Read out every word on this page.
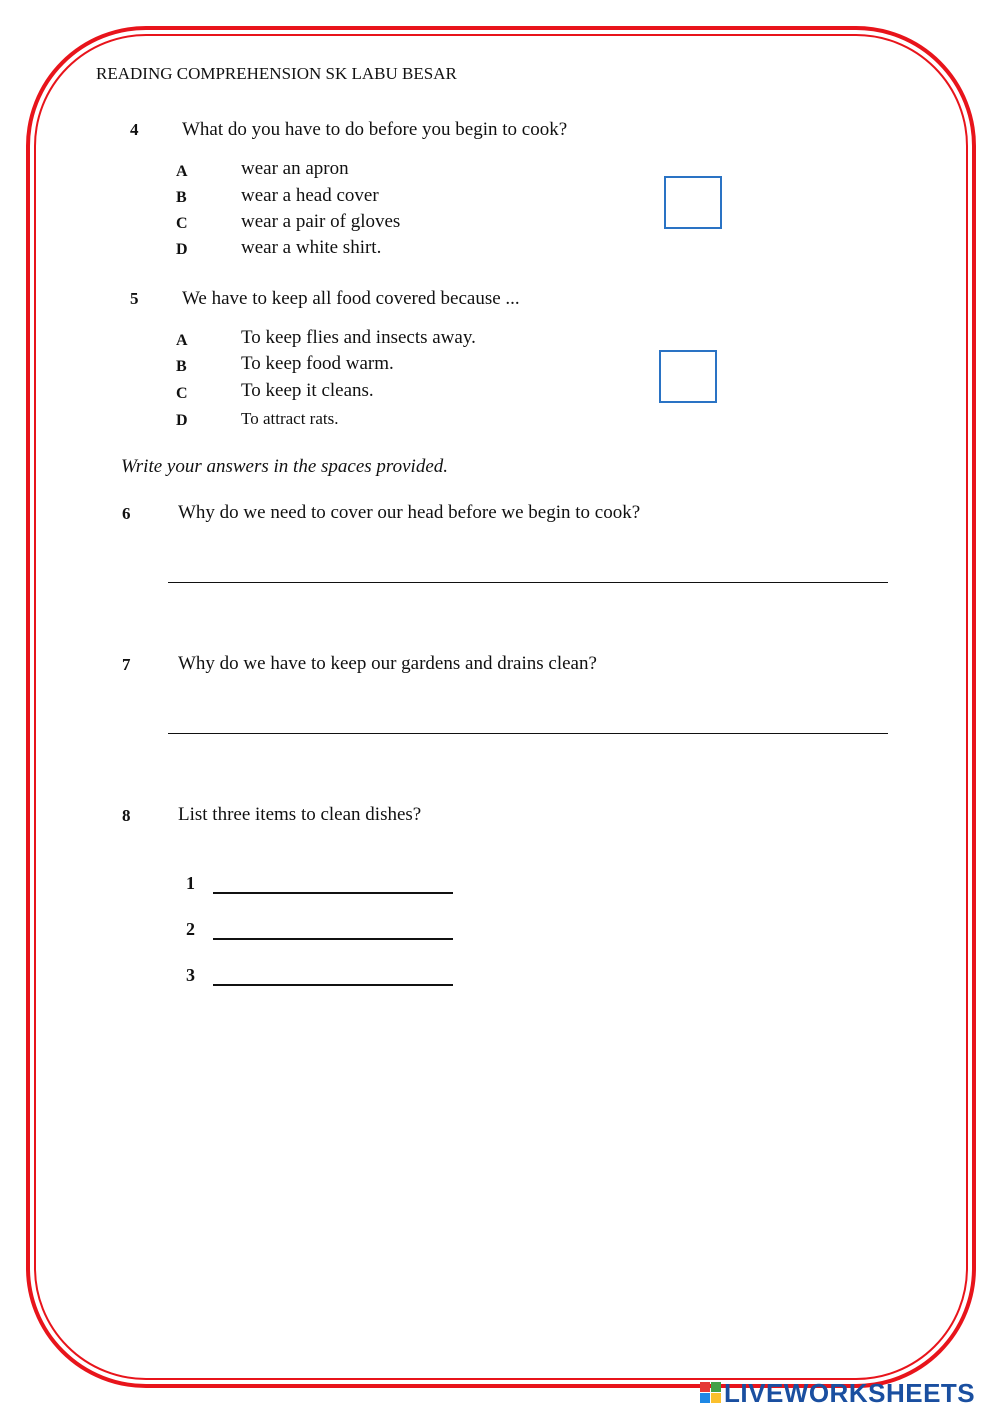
READING COMPREHENSION SK LABU BESAR
4 What do you have to do before you begin to cook?
A	wear an apron
B	wear a head cover
C	wear a pair of gloves
D	wear a white shirt.
5 We have to keep all food covered because ...
A	To keep flies and insects away.
B	To keep food warm.
C	To keep it cleans.
D	To attract rats.
Write your answers in the spaces provided.
6	Why do we need to cover our head before we begin to cook?
7	Why do we have to keep our gardens and drains clean?
8	List three items to clean dishes?
1
2
3
LIVEWORKSHEETS
